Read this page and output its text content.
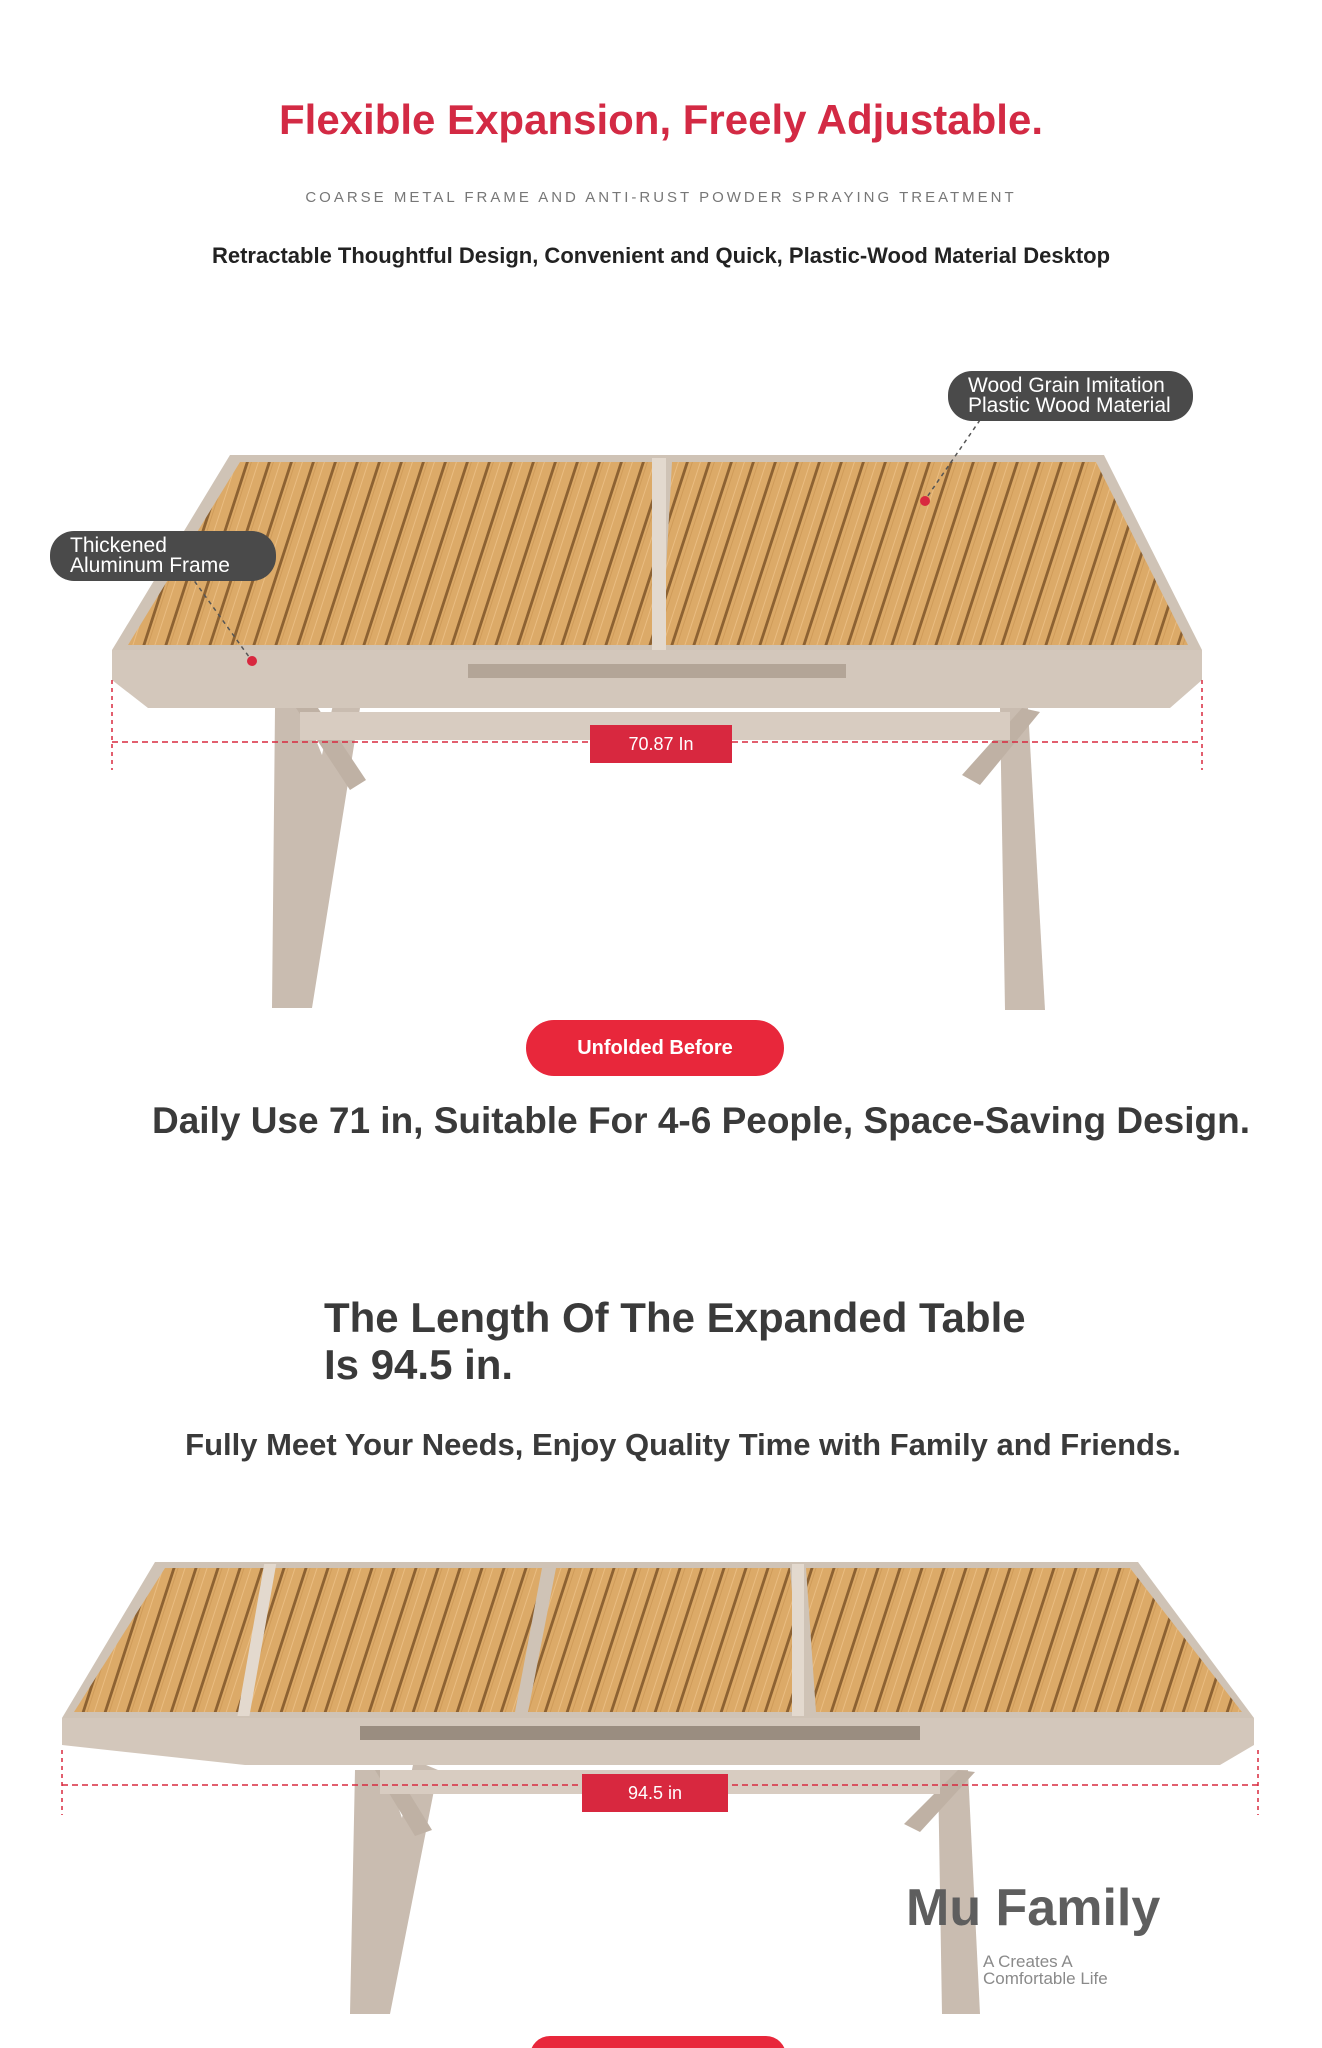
Flexible Expansion, Freely Adjustable.
COARSE METAL FRAME AND ANTI-RUST POWDER SPRAYING TREATMENT
Retractable Thoughtful Design, Convenient and Quick, Plastic-Wood Material Desktop
Wood Grain Imitation
Plastic Wood Material
Thickened
Aluminum Frame
70.87 In
Unfolded Before
Daily Use 71 in, Suitable For 4-6 People, Space-Saving Design.
The Length Of The Expanded Table
Is 94.5 in.
Fully Meet Your Needs, Enjoy Quality Time with Family and Friends.
94.5 in
Mu Family
A Creates A
Comfortable Life
